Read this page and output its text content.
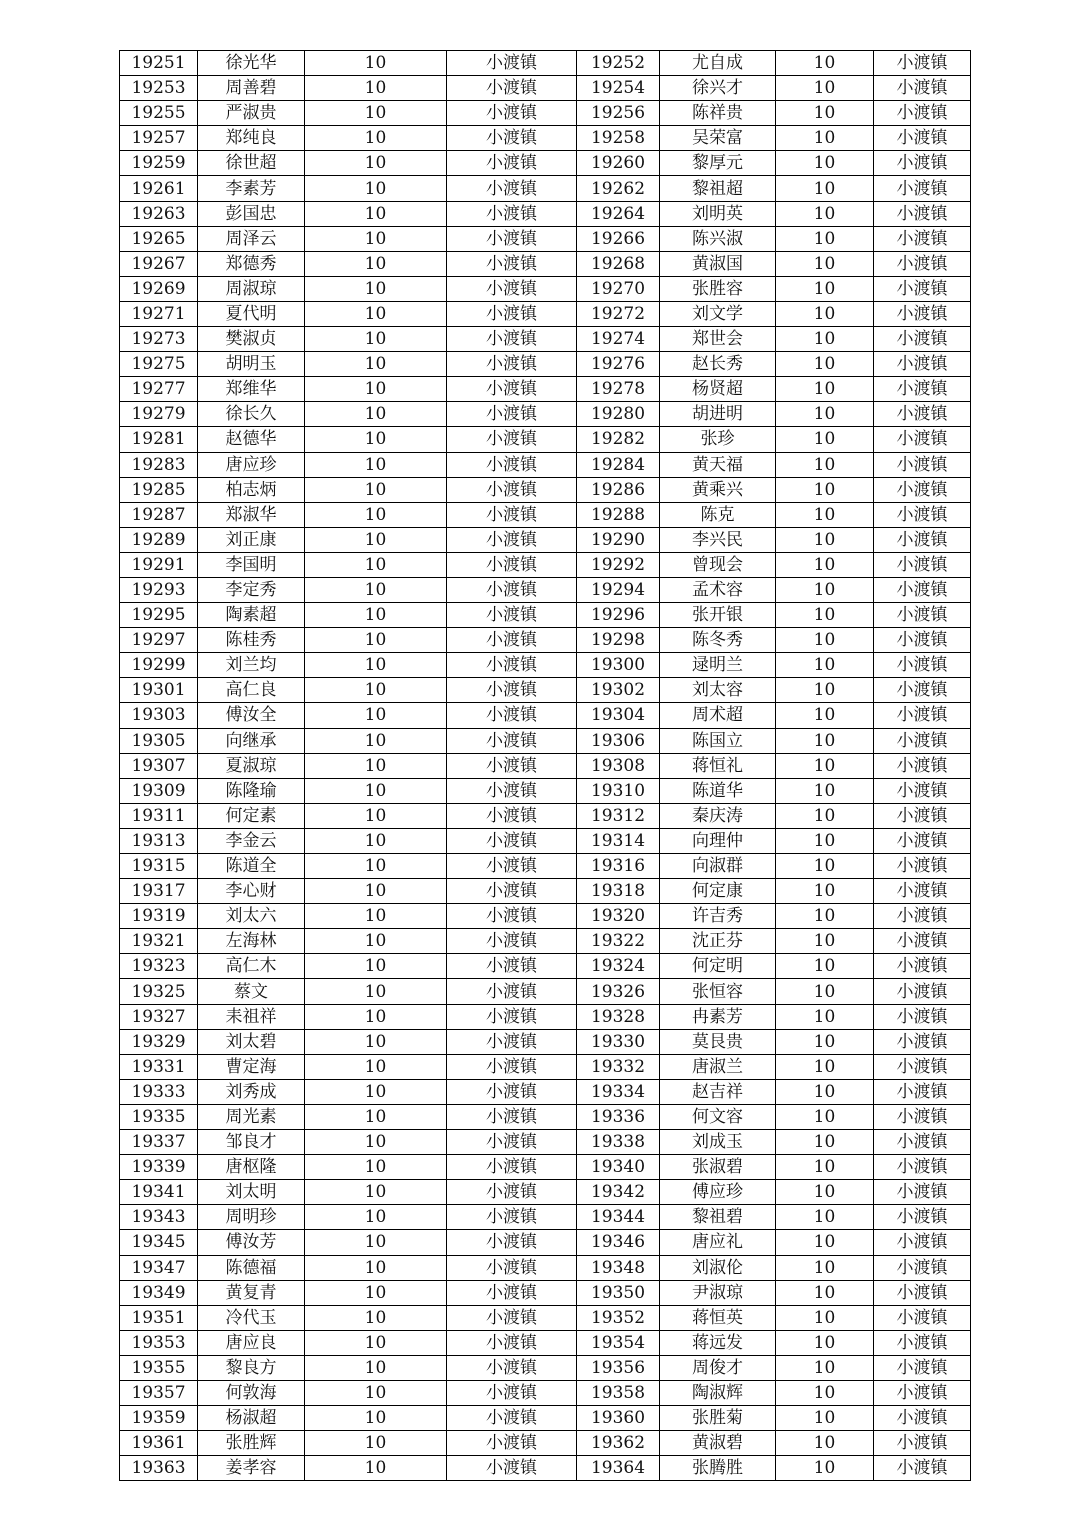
19251	徐光华	10	小渡镇	19252	尤自成	10	小渡镇
19253	周善碧	10	小渡镇	19254	徐兴才	10	小渡镇
19255	严淑贵	10	小渡镇	19256	陈祥贵	10	小渡镇
19257	郑纯良	10	小渡镇	19258	吴荣富	10	小渡镇
19259	徐世超	10	小渡镇	19260	黎厚元	10	小渡镇
19261	李素芳	10	小渡镇	19262	黎祖超	10	小渡镇
19263	彭国忠	10	小渡镇	19264	刘明英	10	小渡镇
19265	周泽云	10	小渡镇	19266	陈兴淑	10	小渡镇
19267	郑德秀	10	小渡镇	19268	黄淑国	10	小渡镇
19269	周淑琼	10	小渡镇	19270	张胜容	10	小渡镇
19271	夏代明	10	小渡镇	19272	刘文学	10	小渡镇
19273	樊淑贞	10	小渡镇	19274	郑世会	10	小渡镇
19275	胡明玉	10	小渡镇	19276	赵长秀	10	小渡镇
19277	郑维华	10	小渡镇	19278	杨贤超	10	小渡镇
19279	徐长久	10	小渡镇	19280	胡进明	10	小渡镇
19281	赵德华	10	小渡镇	19282	张珍	10	小渡镇
19283	唐应珍	10	小渡镇	19284	黄天福	10	小渡镇
19285	柏志炳	10	小渡镇	19286	黄乘兴	10	小渡镇
19287	郑淑华	10	小渡镇	19288	陈克	10	小渡镇
19289	刘正康	10	小渡镇	19290	李兴民	10	小渡镇
19291	李国明	10	小渡镇	19292	曾现会	10	小渡镇
19293	李定秀	10	小渡镇	19294	孟术容	10	小渡镇
19295	陶素超	10	小渡镇	19296	张开银	10	小渡镇
19297	陈桂秀	10	小渡镇	19298	陈冬秀	10	小渡镇
19299	刘兰均	10	小渡镇	19300	逯明兰	10	小渡镇
19301	高仁良	10	小渡镇	19302	刘太容	10	小渡镇
19303	傅汝全	10	小渡镇	19304	周术超	10	小渡镇
19305	向继承	10	小渡镇	19306	陈国立	10	小渡镇
19307	夏淑琼	10	小渡镇	19308	蒋恒礼	10	小渡镇
19309	陈隆瑜	10	小渡镇	19310	陈道华	10	小渡镇
19311	何定素	10	小渡镇	19312	秦庆涛	10	小渡镇
19313	李金云	10	小渡镇	19314	向理仲	10	小渡镇
19315	陈道全	10	小渡镇	19316	向淑群	10	小渡镇
19317	李心财	10	小渡镇	19318	何定康	10	小渡镇
19319	刘太六	10	小渡镇	19320	许吉秀	10	小渡镇
19321	左海林	10	小渡镇	19322	沈正芬	10	小渡镇
19323	高仁木	10	小渡镇	19324	何定明	10	小渡镇
19325	蔡文	10	小渡镇	19326	张恒容	10	小渡镇
19327	耒祖祥	10	小渡镇	19328	冉素芳	10	小渡镇
19329	刘太碧	10	小渡镇	19330	莫艮贵	10	小渡镇
19331	曹定海	10	小渡镇	19332	唐淑兰	10	小渡镇
19333	刘秀成	10	小渡镇	19334	赵吉祥	10	小渡镇
19335	周光素	10	小渡镇	19336	何文容	10	小渡镇
19337	邹良才	10	小渡镇	19338	刘成玉	10	小渡镇
19339	唐枢隆	10	小渡镇	19340	张淑碧	10	小渡镇
19341	刘太明	10	小渡镇	19342	傅应珍	10	小渡镇
19343	周明珍	10	小渡镇	19344	黎祖碧	10	小渡镇
19345	傅汝芳	10	小渡镇	19346	唐应礼	10	小渡镇
19347	陈德福	10	小渡镇	19348	刘淑伦	10	小渡镇
19349	黄复青	10	小渡镇	19350	尹淑琼	10	小渡镇
19351	冷代玉	10	小渡镇	19352	蒋恒英	10	小渡镇
19353	唐应良	10	小渡镇	19354	蒋远发	10	小渡镇
19355	黎良方	10	小渡镇	19356	周俊才	10	小渡镇
19357	何敦海	10	小渡镇	19358	陶淑辉	10	小渡镇
19359	杨淑超	10	小渡镇	19360	张胜菊	10	小渡镇
19361	张胜辉	10	小渡镇	19362	黄淑碧	10	小渡镇
19363	姜孝容	10	小渡镇	19364	张腾胜	10	小渡镇
